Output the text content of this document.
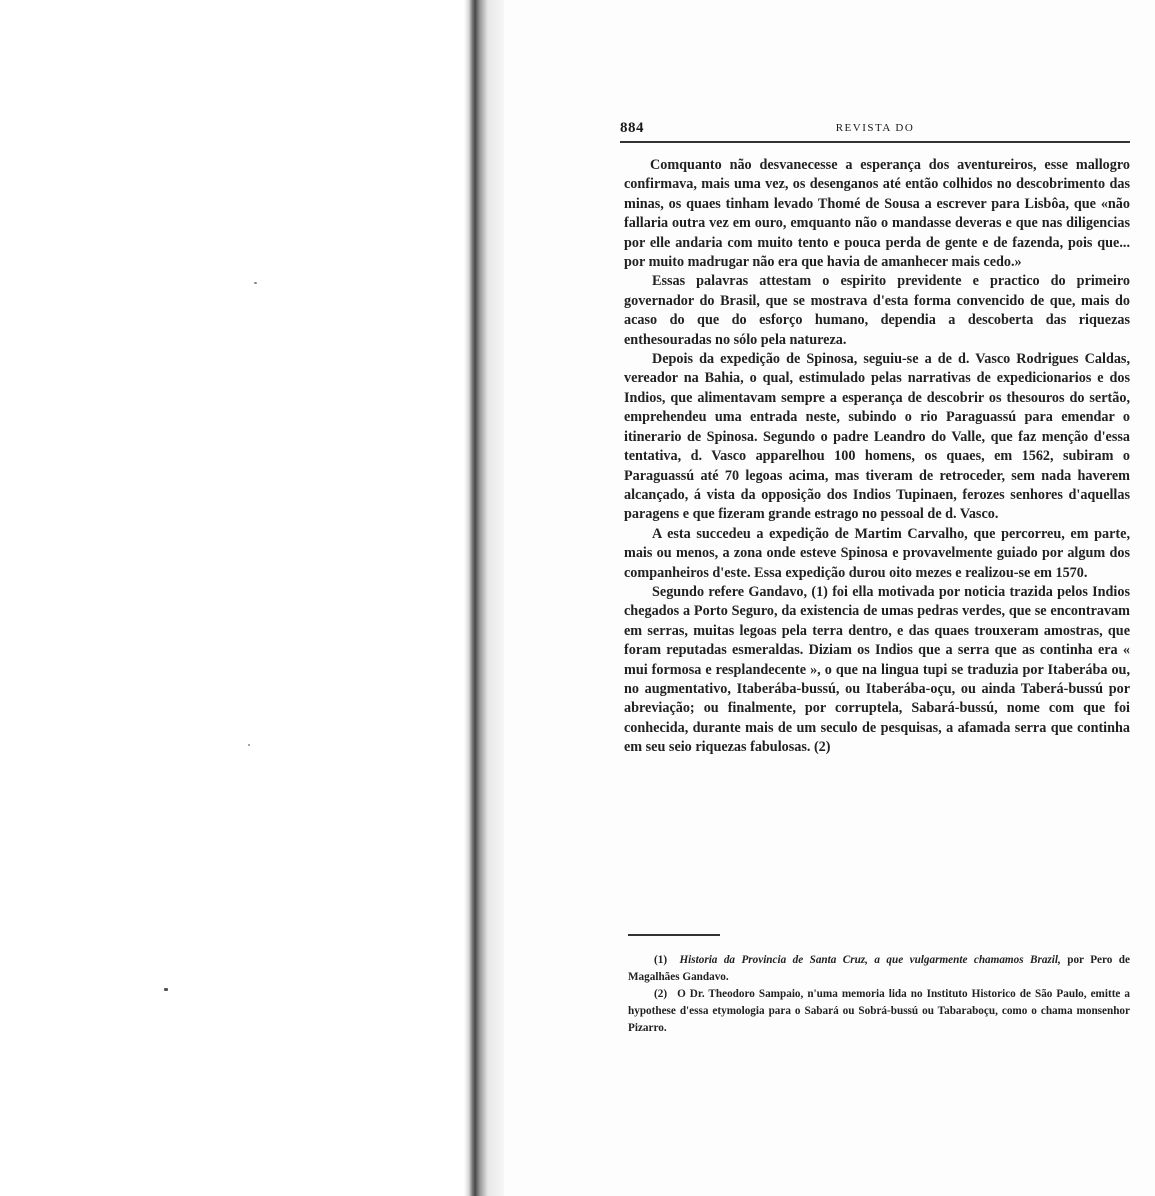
884	REVISTA DO

Comquanto não desvanecesse a esperança dos aventureiros, esse mallogro confirmava, mais uma vez, os desenganos até então colhidos no descobrimento das minas, os quaes tinham levado Thomé de Sousa a escrever para Lisbôa, que «não fallaria outra vez em ouro, emquanto não o mandasse deveras e que nas diligencias por elle andaria com muito tento e pouca perda de gente e de fazenda, pois que... por muito madrugar não era que havia de amanhecer mais cedo.»

Essas palavras attestam o espirito previdente e practico do primeiro governador do Brasil, que se mostrava d'esta forma convencido de que, mais do acaso do que do esforço humano, dependia a descoberta das riquezas enthesouradas no sólo pela natureza.

Depois da expedição de Spinosa, seguiu-se a de d. Vasco Rodrigues Caldas, vereador na Bahia, o qual, estimulado pelas narrativas de expedicionarios e dos Indios, que alimentavam sempre a esperança de descobrir os thesouros do sertão, emprehendeu uma entrada neste, subindo o rio Paraguassú para emendar o itinerario de Spinosa. Segundo o padre Leandro do Valle, que faz menção d'essa tentativa, d. Vasco apparelhou 100 homens, os quaes, em 1562, subiram o Paraguassú até 70 legoas acima, mas tiveram de retroceder, sem nada haverem alcançado, á vista da opposição dos Indios Tupinaen, ferozes senhores d'aquellas paragens e que fizeram grande estrago no pessoal de d. Vasco.

A esta succedeu a expedição de Martim Carvalho, que percorreu, em parte, mais ou menos, a zona onde esteve Spinosa e provavelmente guiado por algum dos companheiros d'este. Essa expedição durou oito mezes e realizou-se em 1570.

Segundo refere Gandavo, (1) foi ella motivada por noticia trazida pelos Indios chegados a Porto Seguro, da existencia de umas pedras verdes, que se encontravam em serras, muitas legoas pela terra dentro, e das quaes trouxeram amostras, que foram reputadas esmeraldas. Diziam os Indios que a serra que as continha era « mui formosa e resplandecente », o que na lingua tupi se traduzia por Itaberába ou, no augmentativo, Itaberába-bussú, ou Itaberába-oçu, ou ainda Taberá-bussú por abreviação; ou finalmente, por corruptela, Sabará-bussú, nome com que foi conhecida, durante mais de um seculo de pesquisas, a afamada serra que continha em seu seio riquezas fabulosas. (2)

(1) Historia da Provincia de Santa Cruz, a que vulgarmente chamamos Brazil, por Pero de Magalhães Gandavo.

(2) O Dr. Theodoro Sampaio, n'uma memoria lida no Instituto Historico de São Paulo, emitte a hypothese d'essa etymologia para o Sabará ou Sobrá-bussú ou Tabaraboçu, como o chama monsenhor Pizarro.
